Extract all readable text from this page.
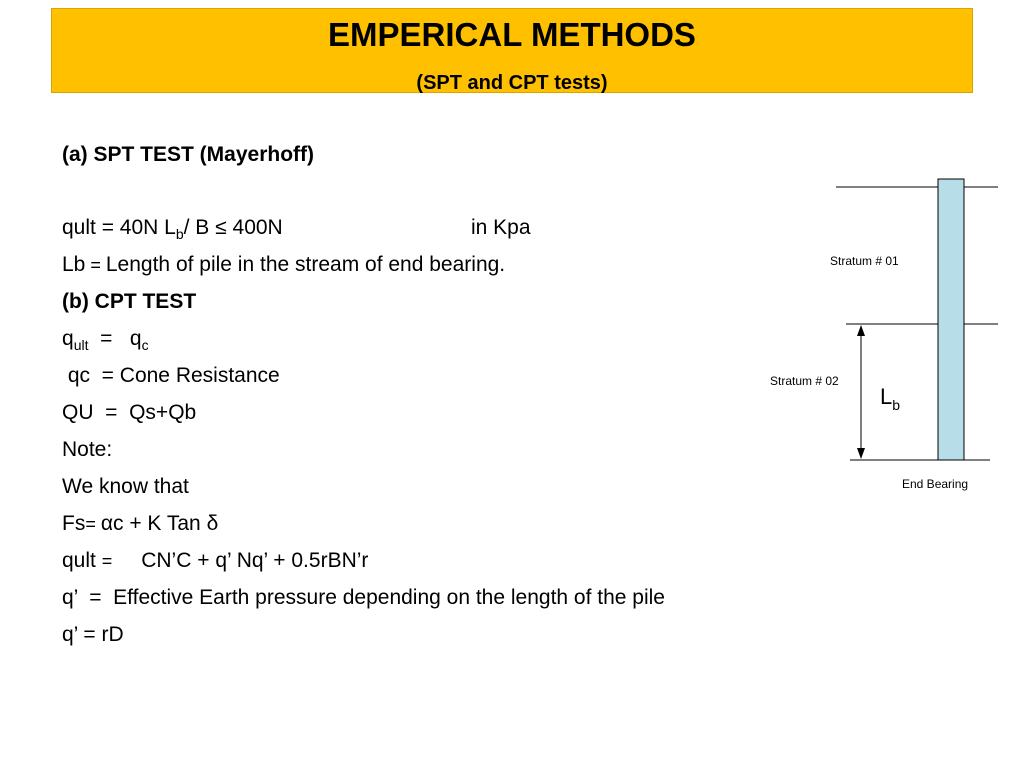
EMPERICAL METHODS
(SPT and CPT tests)
(a) SPT TEST (Mayerhoff)
qult = 40N $L_b/$ B ≤ 400N	in Kpa
Lb = Length of pile in the stream of end bearing.
(b) CPT TEST
$q_{ult} = q_c$
qc  = Cone Resistance
QU  =  Qs+Qb
Note:
We know that
Fs= αc + K Tan δ
qult = CN’C + q’ Nq’ + 0.5rBN’r
q’  =  Effective Earth pressure depending on the length of the pile
q’ = rD
Stratum # 01
Stratum # 02
$L_b$
End Bearing
